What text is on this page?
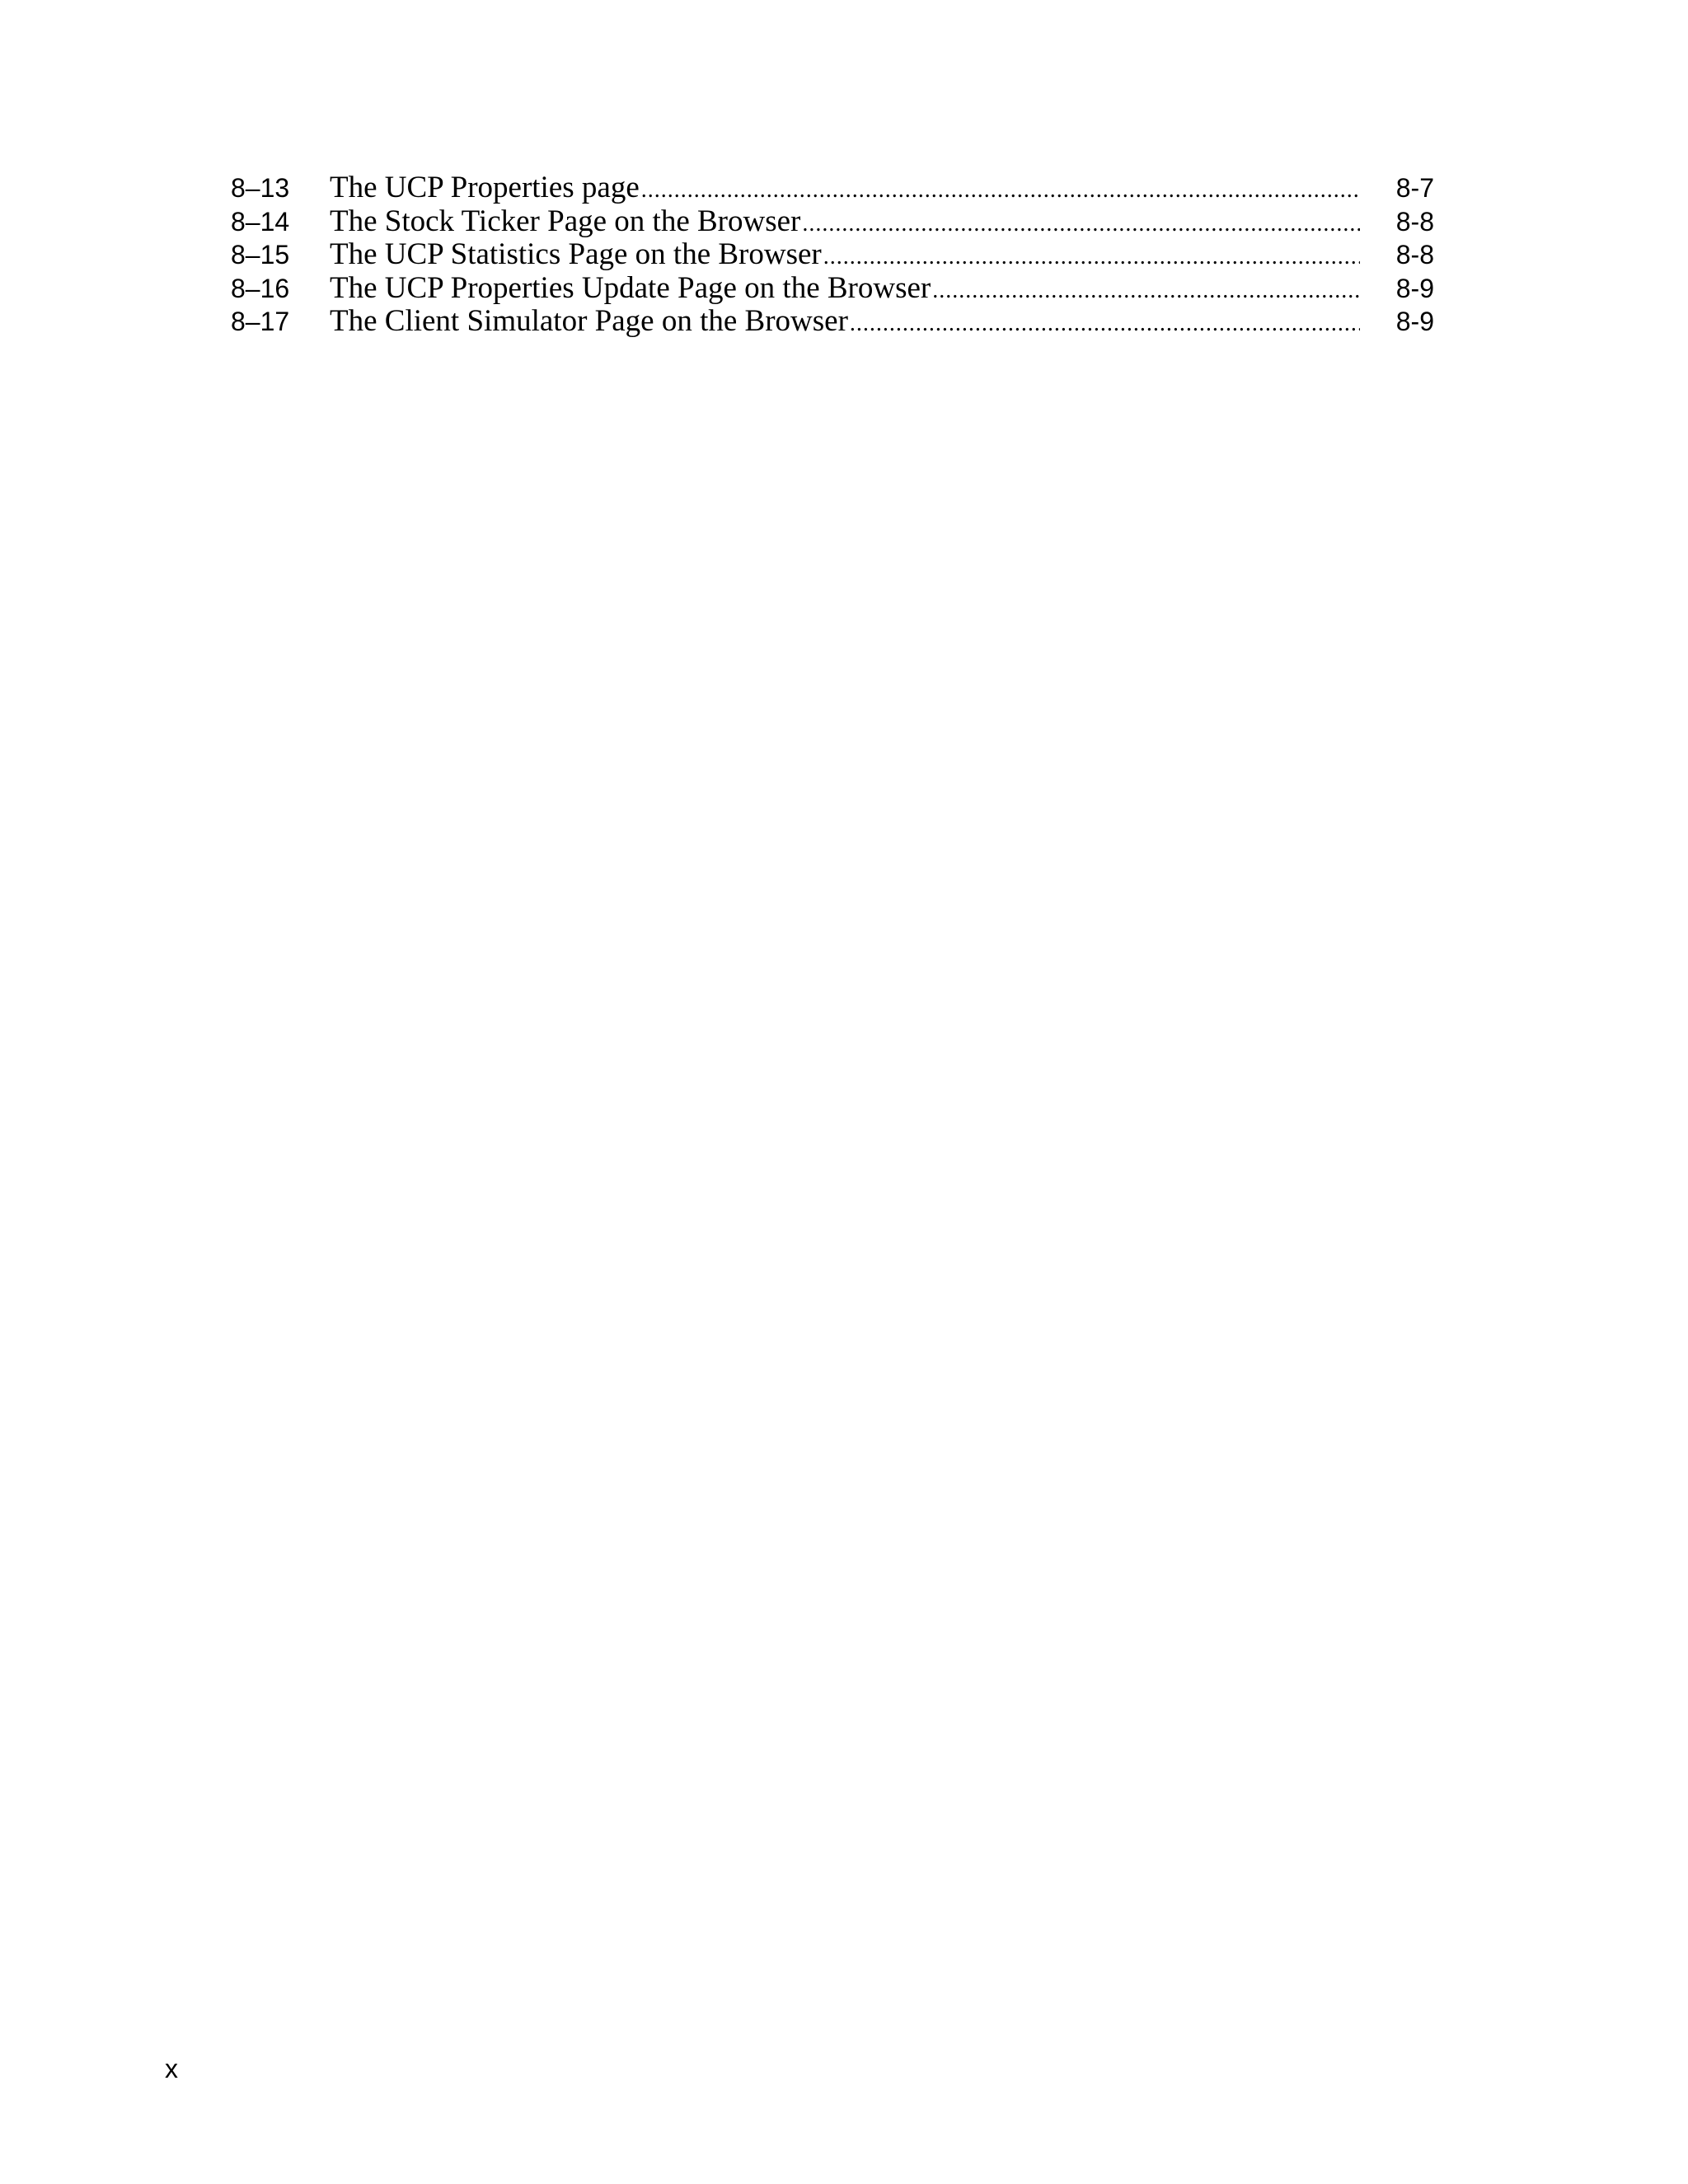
8–13	The UCP Properties page .....	8-7
8–14	The Stock Ticker Page on the Browser .....	8-8
8–15	The UCP Statistics Page on the Browser .....	8-8
8–16	The UCP Properties Update Page on the Browser .....	8-9
8–17	The Client Simulator Page on the Browser .....	8-9
x
